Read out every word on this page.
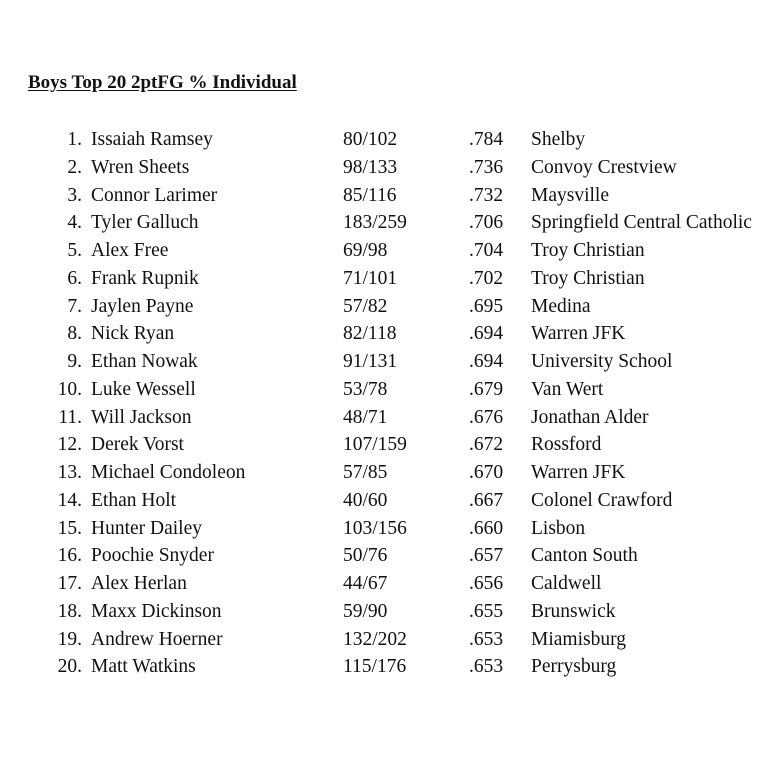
Boys Top 20 2ptFG % Individual
1. Issaiah Ramsey	80/102	.784 Shelby
2. Wren Sheets	98/133	.736 Convoy Crestview
3. Connor Larimer	85/116	.732 Maysville
4. Tyler Galluch	183/259	.706 Springfield Central Catholic
5. Alex Free	69/98	.704 Troy Christian
6. Frank Rupnik	71/101	.702 Troy Christian
7. Jaylen Payne	57/82	.695 Medina
8. Nick Ryan	82/118	.694 Warren JFK
9. Ethan Nowak	91/131	.694 University School
10. Luke Wessell	53/78	.679 Van Wert
11. Will Jackson	48/71	.676 Jonathan Alder
12. Derek Vorst	107/159	.672 Rossford
13. Michael Condoleon	57/85	.670 Warren JFK
14. Ethan Holt	40/60	.667 Colonel Crawford
15. Hunter Dailey	103/156	.660 Lisbon
16. Poochie Snyder	50/76	.657 Canton South
17. Alex Herlan	44/67	.656 Caldwell
18. Maxx Dickinson	59/90	.655 Brunswick
19. Andrew Hoerner	132/202	.653 Miamisburg
20. Matt Watkins	115/176	.653 Perrysburg
